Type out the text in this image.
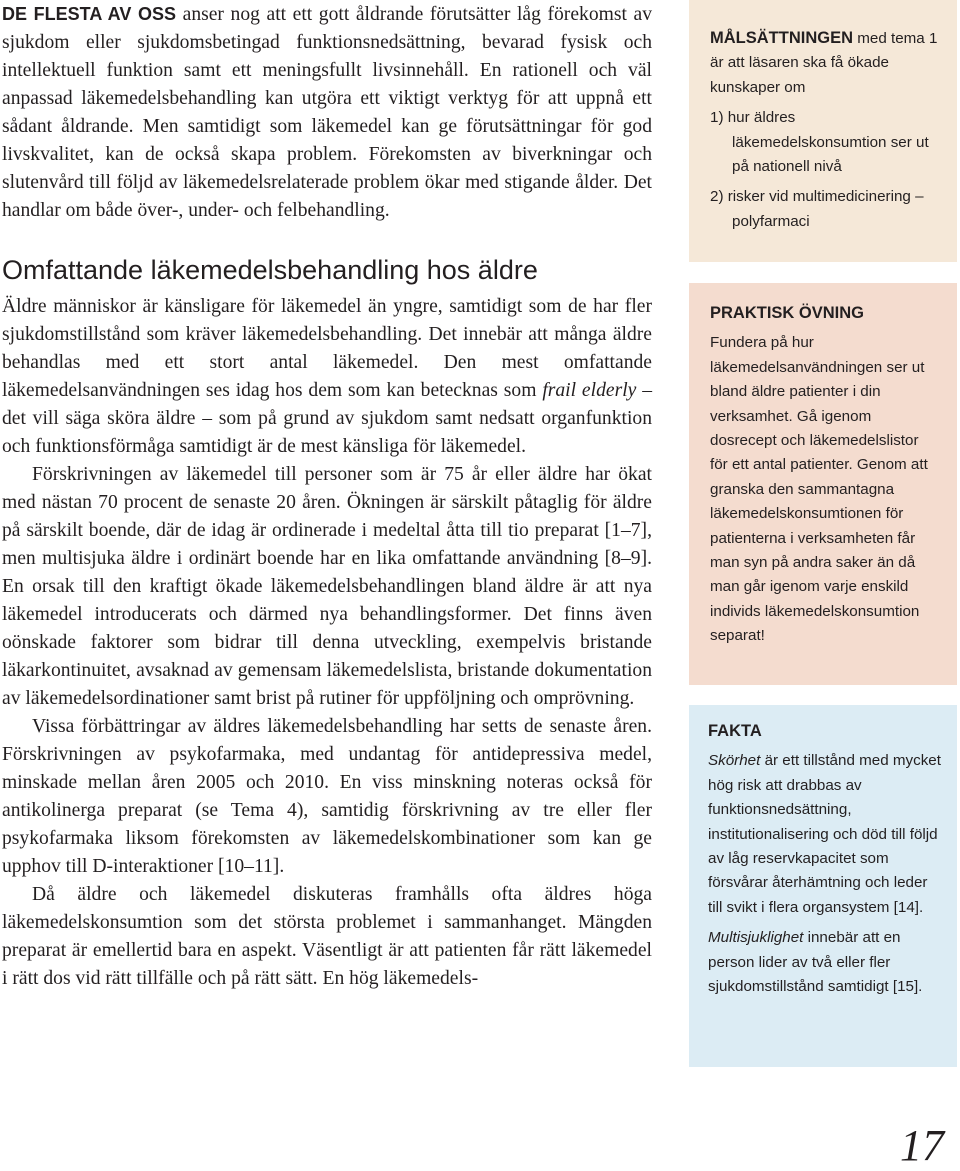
DE FLESTA AV OSS anser nog att ett gott åldrande förutsätter låg förekomst av sjukdom eller sjukdomsbetingad funktionsnedsättning, bevarad fysisk och intellektuell funktion samt ett meningsfullt livsinnehåll. En rationell och väl anpassad läkemedelsbehandling kan utgöra ett viktigt verktyg för att uppnå ett sådant åldrande. Men samtidigt som läkemedel kan ge förutsättningar för god livskvalitet, kan de också skapa problem. Förekomsten av biverkningar och slutenvård till följd av läkemedelsrelaterade problem ökar med stigande ålder. Det handlar om både över-, under- och felbehandling.

Omfattande läkemedelsbehandling hos äldre

Äldre människor är känsligare för läkemedel än yngre, samtidigt som de har fler sjukdomstillstånd som kräver läkemedelsbehandling. Det innebär att många äldre behandlas med ett stort antal läkemedel. Den mest omfattande läkemedelsanvändningen ses idag hos dem som kan betecknas som frail elderly – det vill säga sköra äldre – som på grund av sjukdom samt nedsatt organfunktion och funktionsförmåga samtidigt är de mest känsliga för läkemedel.

Förskrivningen av läkemedel till personer som är 75 år eller äldre har ökat med nästan 70 procent de senaste 20 åren. Ökningen är särskilt påtaglig för äldre på särskilt boende, där de idag är ordinerade i medeltal åtta till tio preparat [1–7], men multisjuka äldre i ordinärt boende har en lika omfattande användning [8–9]. En orsak till den kraftigt ökade läkemedelsbehandlingen bland äldre är att nya läkemedel introducerats och därmed nya behandlingsformer. Det finns även oönskade faktorer som bidrar till denna utveckling, exempelvis bristande läkarkontinuitet, avsaknad av gemensam läkemedelslista, bristande dokumentation av läkemedelsordinationer samt brist på rutiner för uppföljning och omprövning.

Vissa förbättringar av äldres läkemedelsbehandling har setts de senaste åren. Förskrivningen av psykofarmaka, med undantag för antidepressiva medel, minskade mellan åren 2005 och 2010. En viss minskning noteras också för antikolinerga preparat (se Tema 4), samtidig förskrivning av tre eller fler psykofarmaka liksom förekomsten av läkemedelskombinationer som kan ge upphov till D-interaktioner [10–11].

Då äldre och läkemedel diskuteras framhålls ofta äldres höga läkemedelskonsumtion som det största problemet i sammanhanget. Mängden preparat är emellertid bara en aspekt. Väsentligt är att patienten får rätt läkemedel i rätt dos vid rätt tillfälle och på rätt sätt. En hög läkemedels-

MÅLSÄTTNINGEN med tema 1 är att läsaren ska få ökade kunskaper om

1) hur äldres läkemedelskonsumtion ser ut på nationell nivå
2) risker vid multimedicinering – polyfarmaci
PRAKTISK ÖVNING

Fundera på hur läkemedelsanvändningen ser ut bland äldre patienter i din verksamhet. Gå igenom dosrecept och läkemedelslistor för ett antal patienter. Genom att granska den sammantagna läkemedelskonsumtionen för patienterna i verksamheten får man syn på andra saker än då man går igenom varje enskild individs läkemedelskonsumtion separat!

FAKTA

Skörhet är ett tillstånd med mycket hög risk att drabbas av funktionsnedsättning, institutionalisering och död till följd av låg reservkapacitet som försvårar återhämtning och leder till svikt i flera organsystem [14].

Multisjuklighet innebär att en person lider av två eller fler sjukdomstillstånd samtidigt [15].

17
